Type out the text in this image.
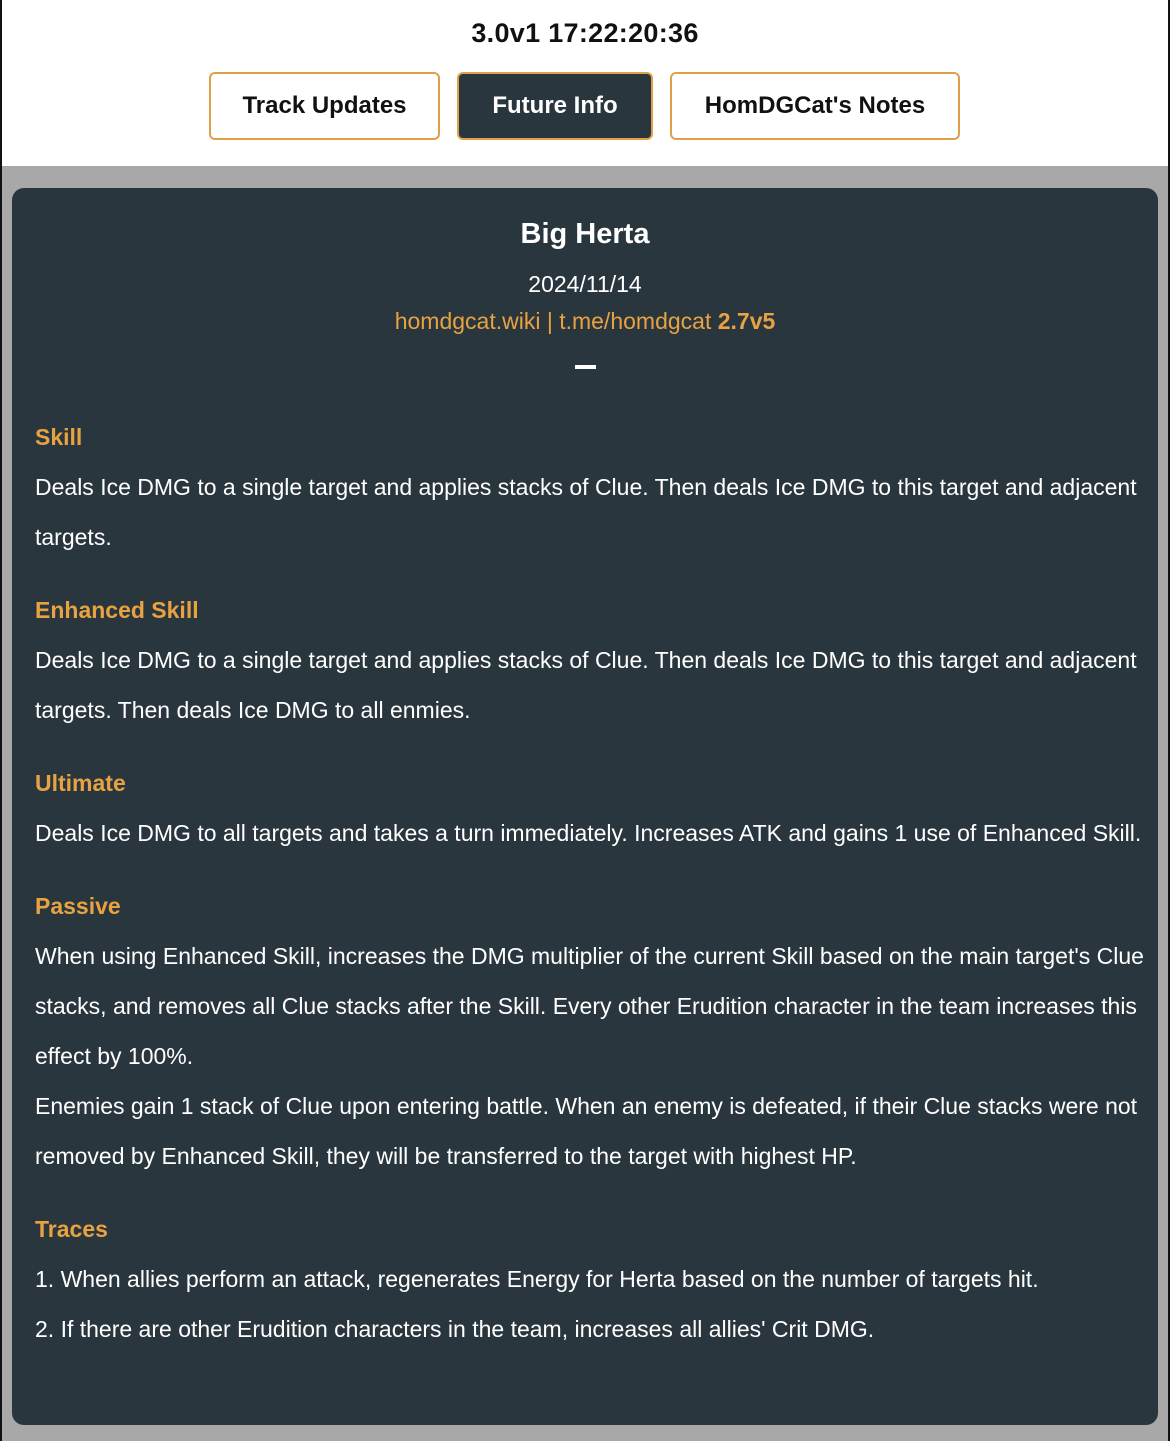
3.0v1 17:22:20:36
Track Updates	Future Info	HomDGCat's Notes
Big Herta
2024/11/14
homdgcat.wiki | t.me/homdgcat 2.7v5
Skill
Deals Ice DMG to a single target and applies stacks of Clue. Then deals Ice DMG to this target and adjacent targets.
Enhanced Skill
Deals Ice DMG to a single target and applies stacks of Clue. Then deals Ice DMG to this target and adjacent targets. Then deals Ice DMG to all enmies.
Ultimate
Deals Ice DMG to all targets and takes a turn immediately. Increases ATK and gains 1 use of Enhanced Skill.
Passive
When using Enhanced Skill, increases the DMG multiplier of the current Skill based on the main target's Clue stacks, and removes all Clue stacks after the Skill. Every other Erudition character in the team increases this effect by 100%.
Enemies gain 1 stack of Clue upon entering battle. When an enemy is defeated, if their Clue stacks were not removed by Enhanced Skill, they will be transferred to the target with highest HP.
Traces
1. When allies perform an attack, regenerates Energy for Herta based on the number of targets hit.
2. If there are other Erudition characters in the team, increases all allies' Crit DMG.
